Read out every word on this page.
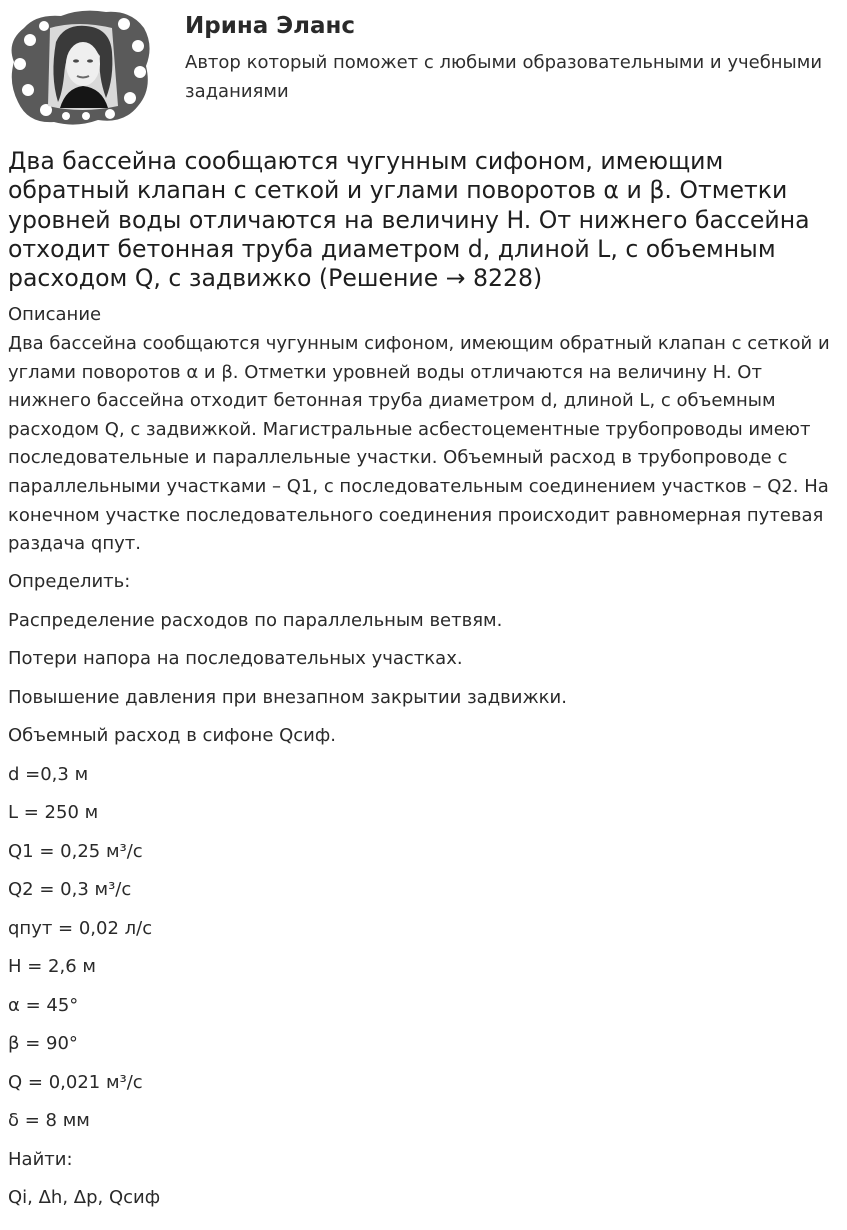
Ирина Эланс
Автор который поможет с любыми образовательными и учебными заданиями
Два бассейна сообщаются чугунным сифоном, имеющим обратный клапан с сеткой и углами поворотов α и β. Отметки уровней воды отличаются на величину H. От нижнего бассейна отходит бетонная труба диаметром d, длиной L, с объемным расходом Q, с задвижко (Решение → 8228)
Описание

Два бассейна сообщаются чугунным сифоном, имеющим обратный клапан с сеткой и углами поворотов α и β. Отметки уровней воды отличаются на величину H. От нижнего бассейна отходит бетонная труба диаметром d, длиной L, с объемным расходом Q, с задвижкой. Магистральные асбестоцементные трубопроводы имеют последовательные и параллельные участки. Объемный расход в трубопроводе с параллельными участками – Q1, с последовательным соединением участков – Q2. На конечном участке последовательного соединения происходит равномерная путевая раздача qпут.

Определить:
Распределение расходов по параллельным ветвям.
Потери напора на последовательных участках.
Повышение давления при внезапном закрытии задвижки.
Объемный расход в сифоне Qсиф.
d =0,3 м
L = 250 м
Q1 = 0,25 м³/с
Q2 = 0,3 м³/с
qпут = 0,02 л/с
H = 2,6 м
α = 45°
β = 90°
Q = 0,021 м³/с
δ = 8 мм
Найти:
Qi, Δh, Δp, Qсиф
